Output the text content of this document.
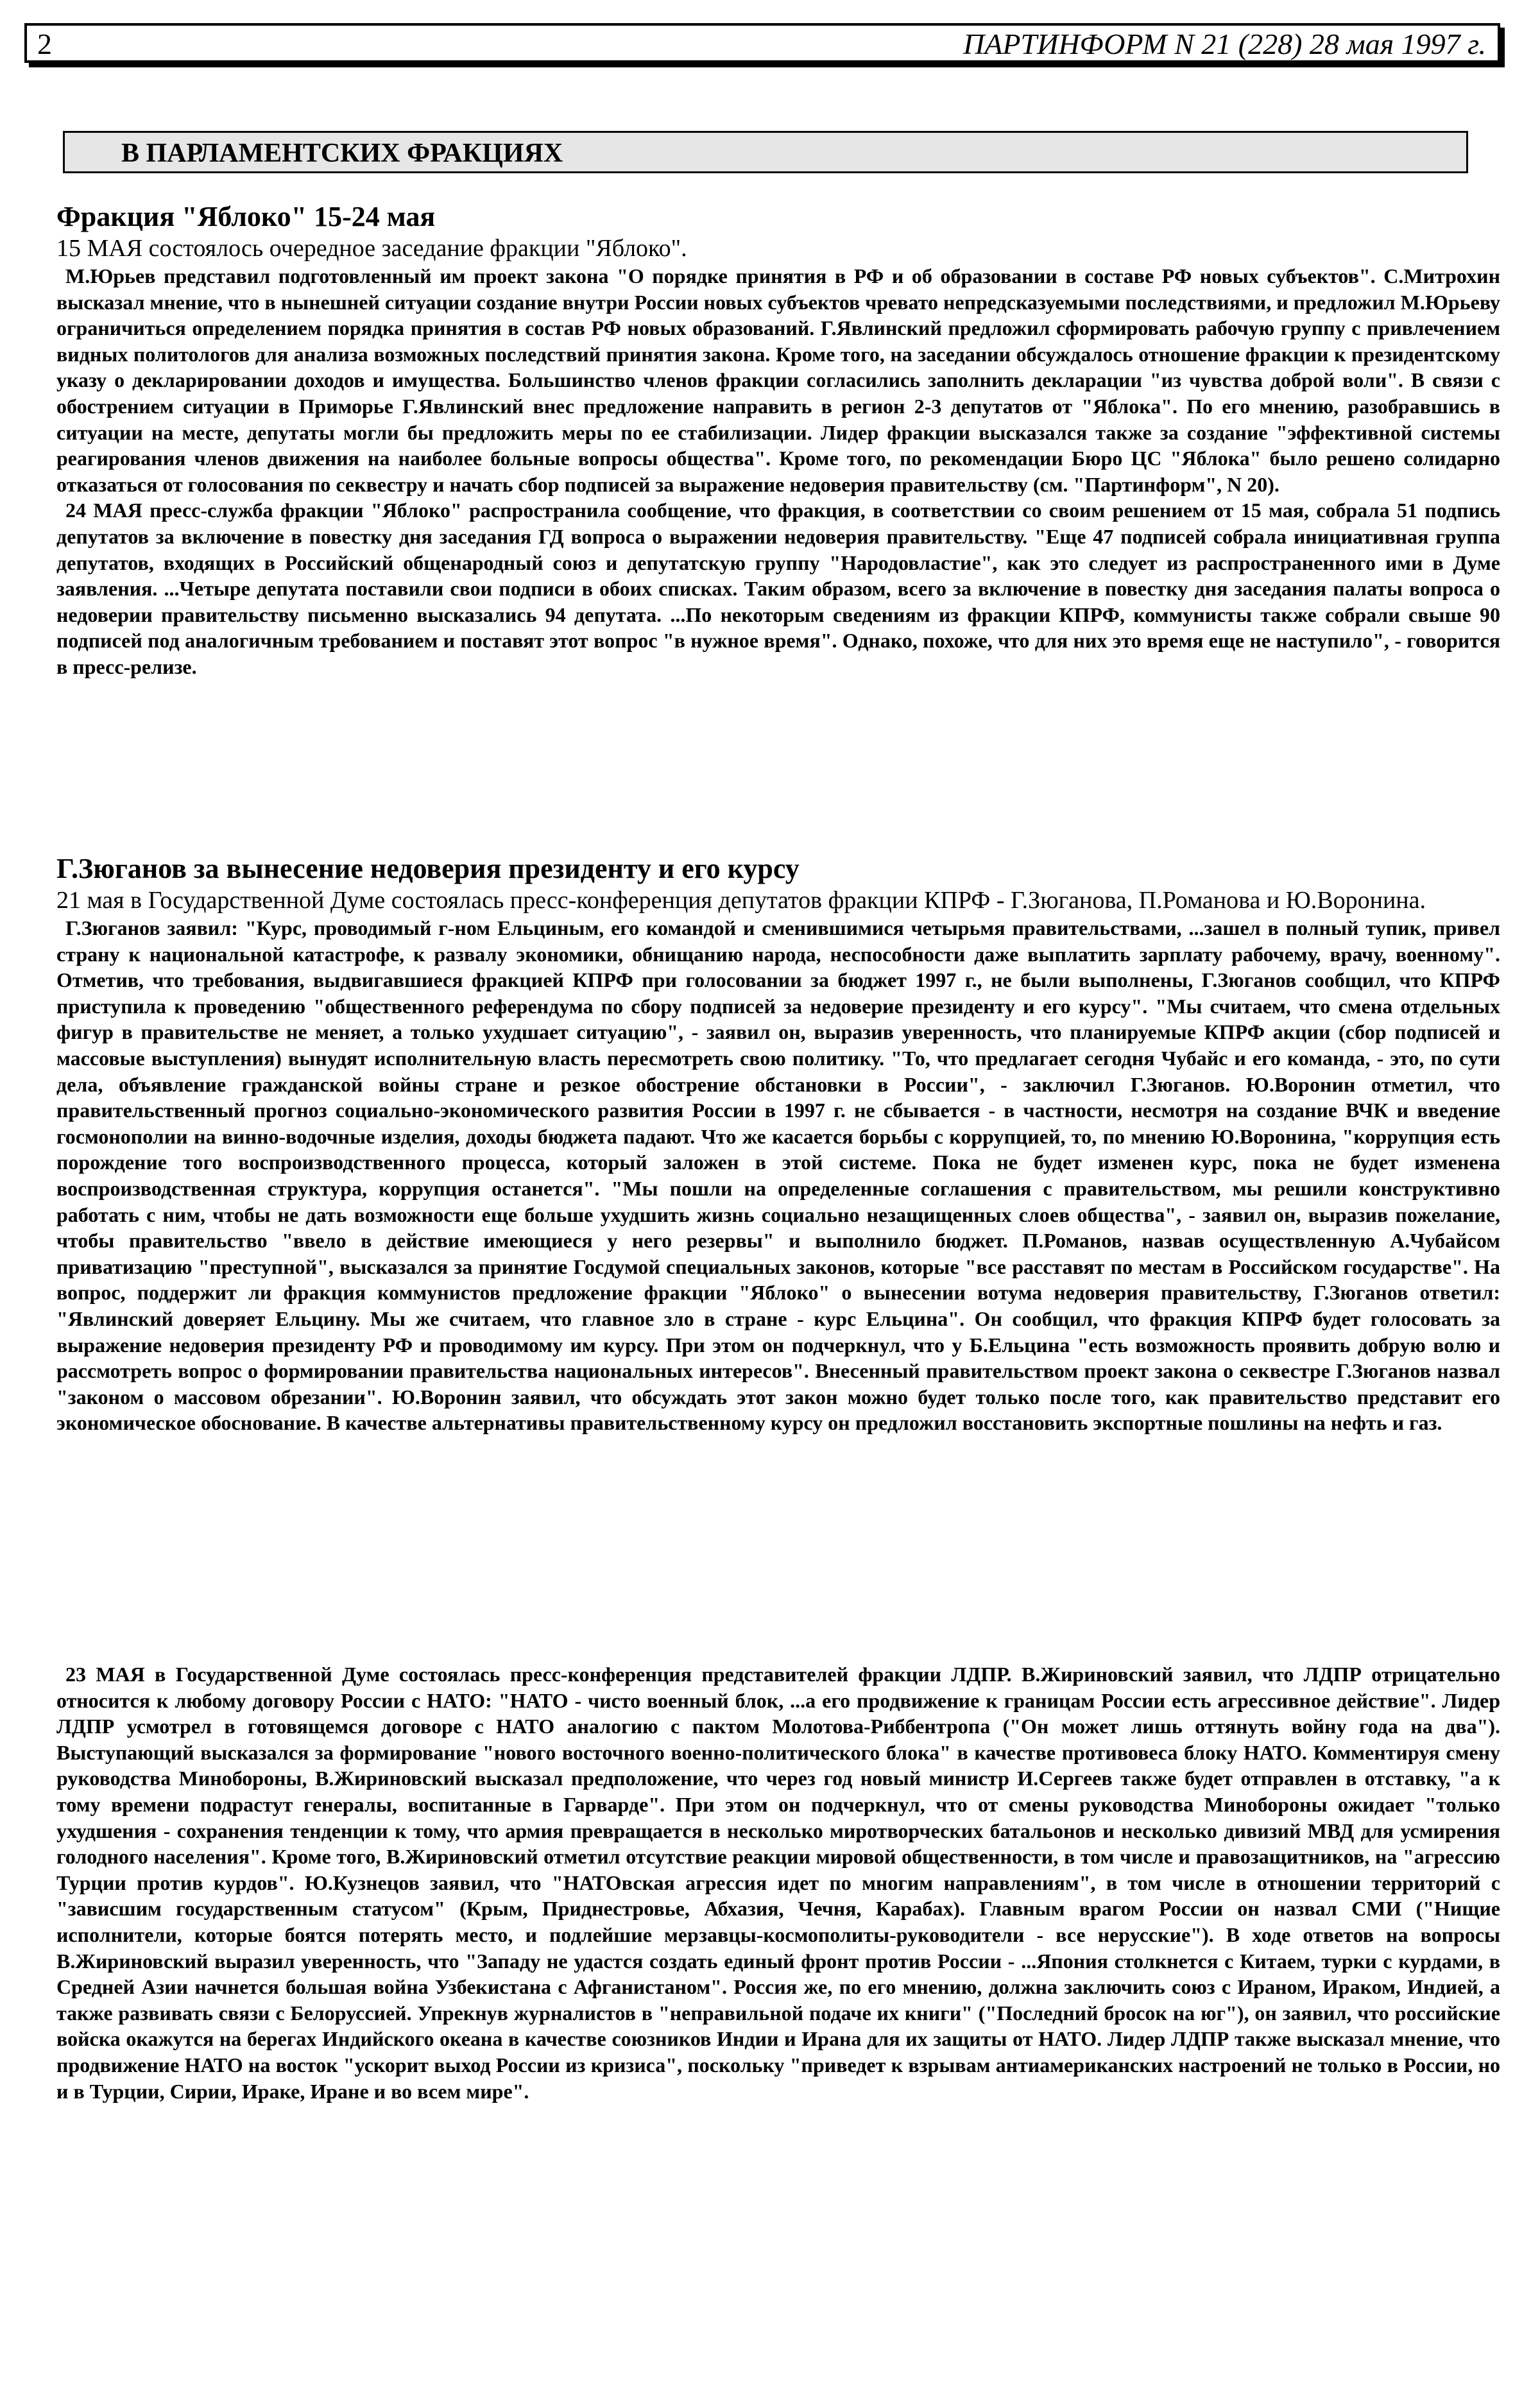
2	ПАРТИНФОРМ N 21 (228) 28 мая 1997 г.
В ПАРЛАМЕНТСКИХ ФРАКЦИЯХ
Фракция "Яблоко" 15-24 мая

15 МАЯ состоялось очередное заседание фракции "Яблоко".

М.Юрьев представил подготовленный им проект закона "О порядке принятия в РФ и об образовании в составе РФ новых субъектов". С.Митрохин высказал мнение, что в нынешней ситуации создание внутри России новых субъектов чревато непредсказуемыми последствиями, и предложил М.Юрьеву ограничиться определением порядка принятия в состав РФ новых образований. Г.Явлинский предложил сформировать рабочую группу с привлечением видных политологов для анализа возможных последствий принятия закона. Кроме того, на заседании обсуждалось отношение фракции к президентскому указу о декларировании доходов и имущества. Большинство членов фракции согласились заполнить декларации "из чувства доброй воли". В связи с обострением ситуации в Приморье Г.Явлинский внес предложение направить в регион 2-3 депутатов от "Яблока". По его мнению, разобравшись в ситуации на месте, депутаты могли бы предложить меры по ее стабилизации. Лидер фракции высказался также за создание "эффективной системы реагирования членов движения на наиболее больные вопросы общества". Кроме того, по рекомендации Бюро ЦС "Яблока" было решено солидарно отказаться от голосования по секвестру и начать сбор подписей за выражение недоверия правительству (см. "Партинформ", N 20).

24 МАЯ пресс-служба фракции "Яблоко" распространила сообщение, что фракция, в соответствии со своим решением от 15 мая, собрала 51 подпись депутатов за включение в повестку дня заседания ГД вопроса о выражении недоверия правительству. "Еще 47 подписей собрала инициативная группа депутатов, входящих в Российский общенародный союз и депутатскую группу "Народовластие", как это следует из распространенного ими в Думе заявления. ...Четыре депутата поставили свои подписи в обоих списках. Таким образом, всего за включение в повестку дня заседания палаты вопроса о недоверии правительству письменно высказались 94 депутата. ...По некоторым сведениям из фракции КПРФ, коммунисты также собрали свыше 90 подписей под аналогичным требованием и поставят этот вопрос "в нужное время". Однако, похоже, что для них это время еще не наступило", - говорится в пресс-релизе.

Г.Зюганов за вынесение недоверия президенту и его курсу

21 мая в Государственной Думе состоялась пресс-конференция депутатов фракции КПРФ - Г.Зюганова, П.Романова и Ю.Воронина.

Г.Зюганов заявил: "Курс, проводимый г-ном Ельциным, его командой и сменившимися четырьмя правительствами, ...зашел в полный тупик, привел страну к национальной катастрофе, к развалу экономики, обнищанию народа, неспособности даже выплатить зарплату рабочему, врачу, военному". Отметив, что требования, выдвигавшиеся фракцией КПРФ при голосовании за бюджет 1997 г., не были выполнены, Г.Зюганов сообщил, что КПРФ приступила к проведению "общественного референдума по сбору подписей за недоверие президенту и его курсу". "Мы считаем, что смена отдельных фигур в правительстве не меняет, а только ухудшает ситуацию", - заявил он, выразив уверенность, что планируемые КПРФ акции (сбор подписей и массовые выступления) вынудят исполнительную власть пересмотреть свою политику. "То, что предлагает сегодня Чубайс и его команда, - это, по сути дела, объявление гражданской войны стране и резкое обострение обстановки в России", - заключил Г.Зюганов. Ю.Воронин отметил, что правительственный прогноз социально-экономического развития России в 1997 г. не сбывается - в частности, несмотря на создание ВЧК и введение госмонополии на винно-водочные изделия, доходы бюджета падают. Что же касается борьбы с коррупцией, то, по мнению Ю.Воронина, "коррупция есть порождение того воспроизводственного процесса, который заложен в этой системе. Пока не будет изменен курс, пока не будет изменена воспроизводственная структура, коррупция останется". "Мы пошли на определенные соглашения с правительством, мы решили конструктивно работать с ним, чтобы не дать возможности еще больше ухудшить жизнь социально незащищенных слоев общества", - заявил он, выразив пожелание, чтобы правительство "ввело в действие имеющиеся у него резервы" и выполнило бюджет. П.Романов, назвав осуществленную А.Чубайсом приватизацию "преступной", высказался за принятие Госдумой специальных законов, которые "все расставят по местам в Российском государстве". На вопрос, поддержит ли фракция коммунистов предложение фракции "Яблоко" о вынесении вотума недоверия правительству, Г.Зюганов ответил: "Явлинский доверяет Ельцину. Мы же считаем, что главное зло в стране - курс Ельцина". Он сообщил, что фракция КПРФ будет голосовать за выражение недоверия президенту РФ и проводимому им курсу. При этом он подчеркнул, что у Б.Ельцина "есть возможность проявить добрую волю и рассмотреть вопрос о формировании правительства национальных интересов". Внесенный правительством проект закона о секвестре Г.Зюганов назвал "законом о массовом обрезании". Ю.Воронин заявил, что обсуждать этот закон можно будет только после того, как правительство представит его экономическое обоснование. В качестве альтернативы правительственному курсу он предложил восстановить экспортные пошлины на нефть и газ.

23 МАЯ в Государственной Думе состоялась пресс-конференция представителей фракции ЛДПР. В.Жириновский заявил, что ЛДПР отрицательно относится к любому договору России с НАТО: "НАТО - чисто военный блок, ...а его продвижение к границам России есть агрессивное действие". Лидер ЛДПР усмотрел в готовящемся договоре с НАТО аналогию с пактом Молотова-Риббентропа ("Он может лишь оттянуть войну года на два"). Выступающий высказался за формирование "нового восточного военно-политического блока" в качестве противовеса блоку НАТО. Комментируя смену руководства Минобороны, В.Жириновский высказал предположение, что через год новый министр И.Сергеев также будет отправлен в отставку, "а к тому времени подрастут генералы, воспитанные в Гарварде". При этом он подчеркнул, что от смены руководства Минобороны ожидает "только ухудшения - сохранения тенденции к тому, что армия превращается в несколько миротворческих батальонов и несколько дивизий МВД для усмирения голодного населения". Кроме того, В.Жириновский отметил отсутствие реакции мировой общественности, в том числе и правозащитников, на "агрессию Турции против курдов". Ю.Кузнецов заявил, что "НАТОвская агрессия идет по многим направлениям", в том числе в отношении территорий с "зависшим государственным статусом" (Крым, Приднестровье, Абхазия, Чечня, Карабах). Главным врагом России он назвал СМИ ("Нищие исполнители, которые боятся потерять место, и подлейшие мерзавцы-космополиты-руководители - все нерусские"). В ходе ответов на вопросы В.Жириновский выразил уверенность, что "Западу не удастся создать единый фронт против России - ...Япония столкнется с Китаем, турки с курдами, в Средней Азии начнется большая война Узбекистана с Афганистаном". Россия же, по его мнению, должна заключить союз с Ираном, Ираком, Индией, а также развивать связи с Белоруссией. Упрекнув журналистов в "неправильной подаче их книги" ("Последний бросок на юг"), он заявил, что российские войска окажутся на берегах Индийского океана в качестве союзников Индии и Ирана для их защиты от НАТО. Лидер ЛДПР также высказал мнение, что продвижение НАТО на восток "ускорит выход России из кризиса", поскольку "приведет к взрывам антиамериканских настроений не только в России, но и в Турции, Сирии, Ираке, Иране и во всем мире".
